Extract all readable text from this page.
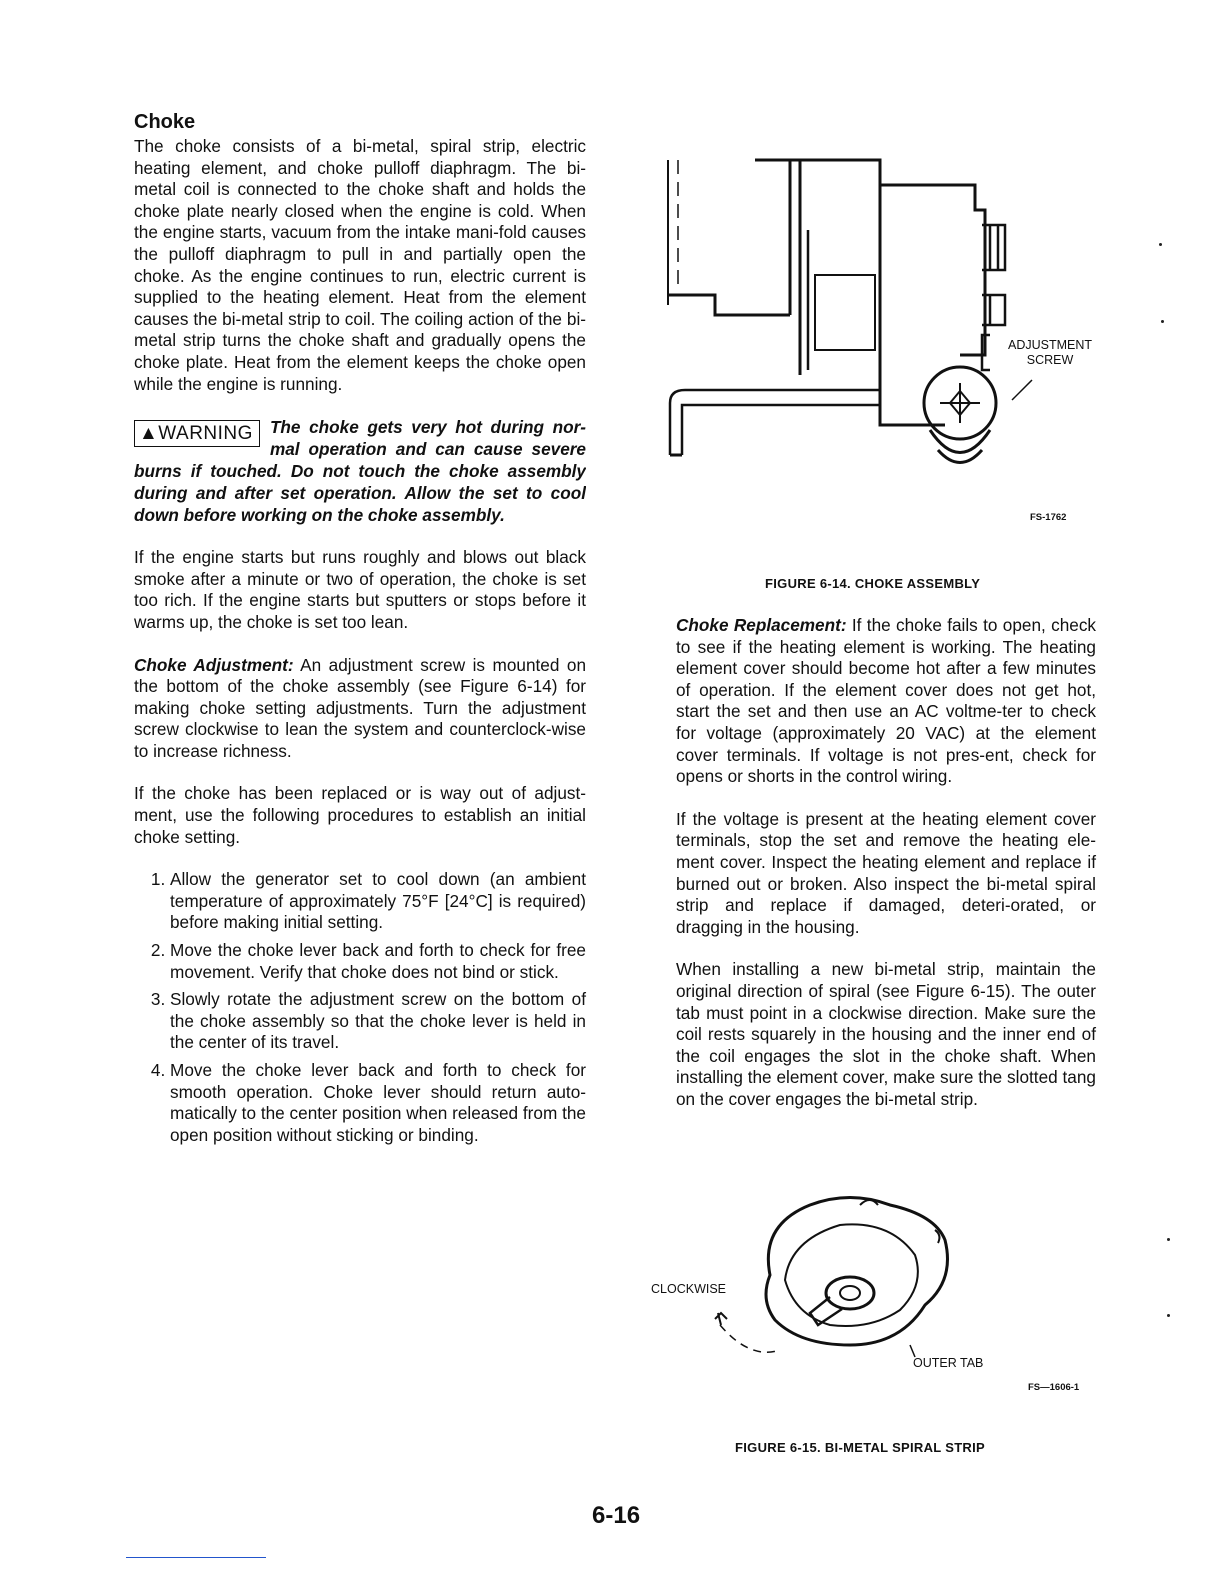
Choke

The choke consists of a bi-metal, spiral strip, electric heating element, and choke pulloff diaphragm. The bi-metal coil is connected to the choke shaft and holds the choke plate nearly closed when the engine is cold. When the engine starts, vacuum from the intake mani-fold causes the pulloff diaphragm to pull in and partially open the choke. As the engine continues to run, electric current is supplied to the heating element. Heat from the element causes the bi-metal strip to coil. The coiling action of the bi-metal strip turns the choke shaft and gradually opens the choke plate. Heat from the element keeps the choke open while the engine is running.

▲WARNING The choke gets very hot during nor-mal operation and can cause severe burns if touched. Do not touch the choke assembly during and after set operation. Allow the set to cool down before working on the choke assembly.

If the engine starts but runs roughly and blows out black smoke after a minute or two of operation, the choke is set too rich. If the engine starts but sputters or stops before it warms up, the choke is set too lean.

Choke Adjustment: An adjustment screw is mounted on the bottom of the choke assembly (see Figure 6-14) for making choke setting adjustments. Turn the adjustment screw clockwise to lean the system and counterclock-wise to increase richness.

If the choke has been replaced or is way out of adjust-ment, use the following procedures to establish an initial choke setting.

1. Allow the generator set to cool down (an ambient temperature of approximately 75°F [24°C] is required) before making initial setting.
2. Move the choke lever back and forth to check for free movement. Verify that choke does not bind or stick.
3. Slowly rotate the adjustment screw on the bottom of the choke assembly so that the choke lever is held in the center of its travel.
4. Move the choke lever back and forth to check for smooth operation. Choke lever should return auto-matically to the center position when released from the open position without sticking or binding.
ADJUSTMENT
SCREW
FS-1762
FIGURE 6-14. CHOKE ASSEMBLY

Choke Replacement: If the choke fails to open, check to see if the heating element is working. The heating element cover should become hot after a few minutes of operation. If the element cover does not get hot, start the set and then use an AC voltme-ter to check for voltage (approximately 20 VAC) at the element cover terminals. If voltage is not pres-ent, check for opens or shorts in the control wiring.

If the voltage is present at the heating element cover terminals, stop the set and remove the heating ele-ment cover. Inspect the heating element and replace if burned out or broken. Also inspect the bi-metal spiral strip and replace if damaged, deteri-orated, or dragging in the housing.

When installing a new bi-metal strip, maintain the original direction of spiral (see Figure 6-15). The outer tab must point in a clockwise direction. Make sure the coil rests squarely in the housing and the inner end of the coil engages the slot in the choke shaft. When installing the element cover, make sure the slotted tang on the cover engages the bi-metal strip.

CLOCKWISE
OUTER TAB
FS—1606-1
FIGURE 6-15. BI-METAL SPIRAL STRIP
6-16
